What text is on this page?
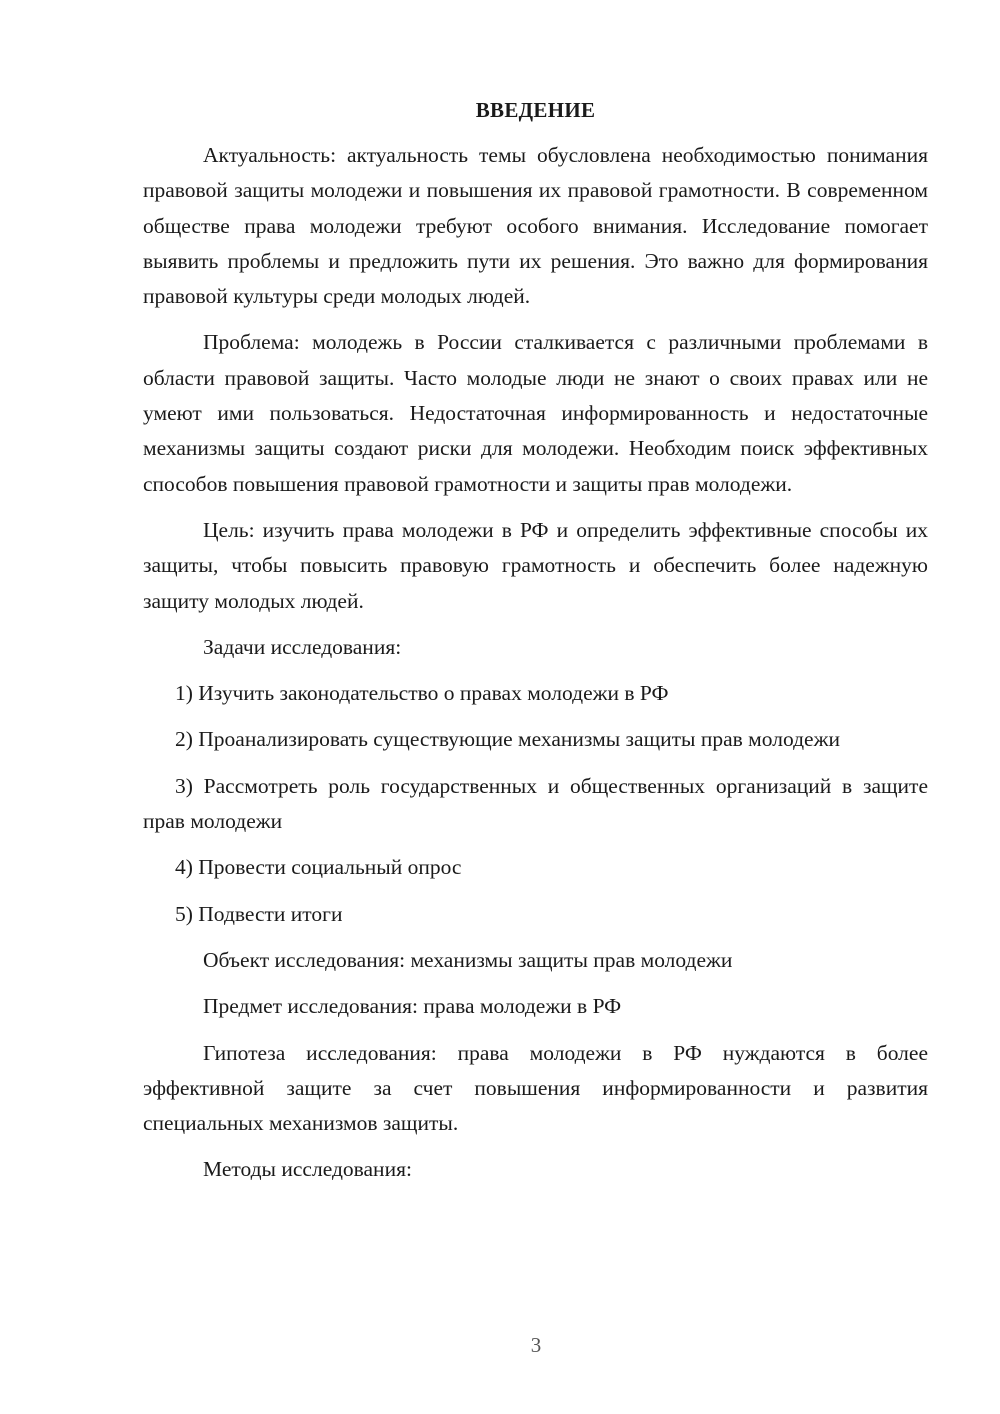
ВВЕДЕНИЕ

Актуальность: актуальность темы обусловлена необходимостью понимания правовой защиты молодежи и повышения их правовой грамотности. В современном обществе права молодежи требуют особого внимания. Исследование помогает выявить проблемы и предложить пути их решения. Это важно для формирования правовой культуры среди молодых людей.

Проблема: молодежь в России сталкивается с различными проблемами в области правовой защиты. Часто молодые люди не знают о своих правах или не умеют ими пользоваться. Недостаточная информированность и недостаточные механизмы защиты создают риски для молодежи. Необходим поиск эффективных способов повышения правовой грамотности и защиты прав молодежи.

Цель: изучить права молодежи в РФ и определить эффективные способы их защиты, чтобы повысить правовую грамотность и обеспечить более надежную защиту молодых людей.

Задачи исследования:

1) Изучить законодательство о правах молодежи в РФ

2) Проанализировать существующие механизмы защиты прав молодежи

3) Рассмотреть роль государственных и общественных организаций в защите прав молодежи

4) Провести социальный опрос

5) Подвести итоги

Объект исследования: механизмы защиты прав молодежи

Предмет исследования: права молодежи в РФ

Гипотеза исследования: права молодежи в РФ нуждаются в более эффективной защите за счет повышения информированности и развития специальных механизмов защиты.

Методы исследования:

3
